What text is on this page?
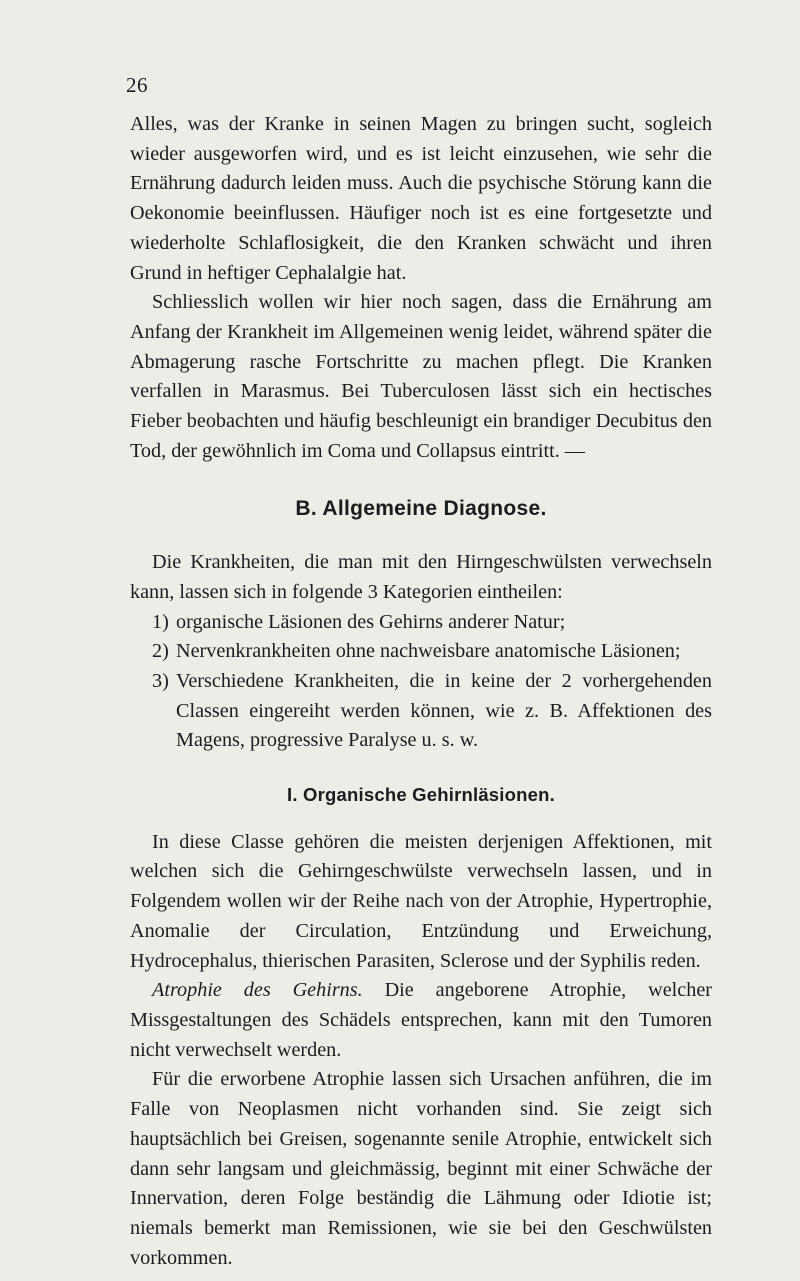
26

Alles, was der Kranke in seinen Magen zu bringen sucht, sogleich wieder ausgeworfen wird, und es ist leicht einzusehen, wie sehr die Ernährung dadurch leiden muss. Auch die psychische Störung kann die Oekonomie beeinflussen. Häufiger noch ist es eine fortgesetzte und wiederholte Schlaflosigkeit, die den Kranken schwächt und ihren Grund in heftiger Cephalalgie hat.

Schliesslich wollen wir hier noch sagen, dass die Ernährung am Anfang der Krankheit im Allgemeinen wenig leidet, während später die Abmagerung rasche Fortschritte zu machen pflegt. Die Kranken verfallen in Marasmus. Bei Tuberculosen lässt sich ein hectisches Fieber beobachten und häufig beschleunigt ein brandiger Decubitus den Tod, der gewöhnlich im Coma und Collapsus eintritt. —

B. Allgemeine Diagnose.

Die Krankheiten, die man mit den Hirngeschwülsten verwechseln kann, lassen sich in folgende 3 Kategorien eintheilen:

1) organische Läsionen des Gehirns anderer Natur;
2) Nervenkrankheiten ohne nachweisbare anatomische Läsionen;
3) Verschiedene Krankheiten, die in keine der 2 vorhergehenden Classen eingereiht werden können, wie z. B. Affektionen des Magens, progressive Paralyse u. s. w.
I. Organische Gehirnläsionen.

In diese Classe gehören die meisten derjenigen Affektionen, mit welchen sich die Gehirngeschwülste verwechseln lassen, und in Folgendem wollen wir der Reihe nach von der Atrophie, Hypertrophie, Anomalie der Circulation, Entzündung und Erweichung, Hydrocephalus, thierischen Parasiten, Sclerose und der Syphilis reden.

Atrophie des Gehirns. Die angeborene Atrophie, welcher Missgestaltungen des Schädels entsprechen, kann mit den Tumoren nicht verwechselt werden.

Für die erworbene Atrophie lassen sich Ursachen anführen, die im Falle von Neoplasmen nicht vorhanden sind. Sie zeigt sich hauptsächlich bei Greisen, sogenannte senile Atrophie, entwickelt sich dann sehr langsam und gleichmässig, beginnt mit einer Schwäche der Innervation, deren Folge beständig die Lähmung oder Idiotie ist; niemals bemerkt man Remissionen, wie sie bei den Geschwülsten vorkommen.
